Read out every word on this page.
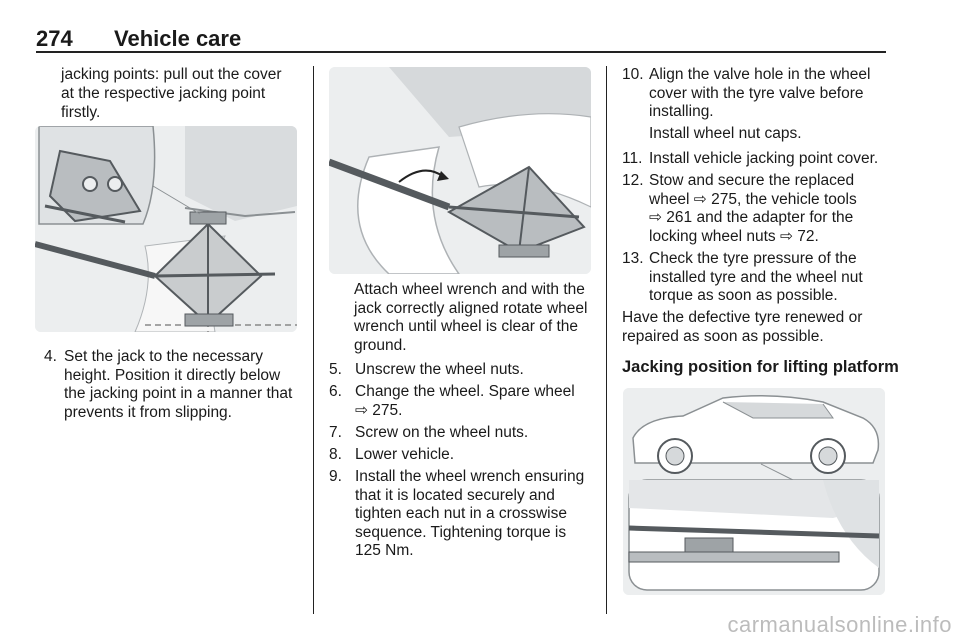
274 Vehicle care
jacking points: pull out the cover
at the respective jacking point
firstly.
4. Set the jack to the necessary
height. Position it directly below
the jacking point in a manner that
prevents it from slipping.
Attach wheel wrench and with the
jack correctly aligned rotate wheel
wrench until wheel is clear of the
ground.
5. Unscrew the wheel nuts.
6. Change the wheel. Spare wheel
⇨ 275.
7. Screw on the wheel nuts.
8. Lower vehicle.
9. Install the wheel wrench ensuring
that it is located securely and
tighten each nut in a crosswise
sequence. Tightening torque is
125 Nm.
10. Align the valve hole in the wheel
cover with the tyre valve before
installing.
Install wheel nut caps.
11. Install vehicle jacking point cover.
12. Stow and secure the replaced
wheel ⇨ 275, the vehicle tools
⇨ 261 and the adapter for the
locking wheel nuts ⇨ 72.
13. Check the tyre pressure of the
installed tyre and the wheel nut
torque as soon as possible.
Have the defective tyre renewed or
repaired as soon as possible.
Jacking position for lifting platform
carmanualsonline.info
